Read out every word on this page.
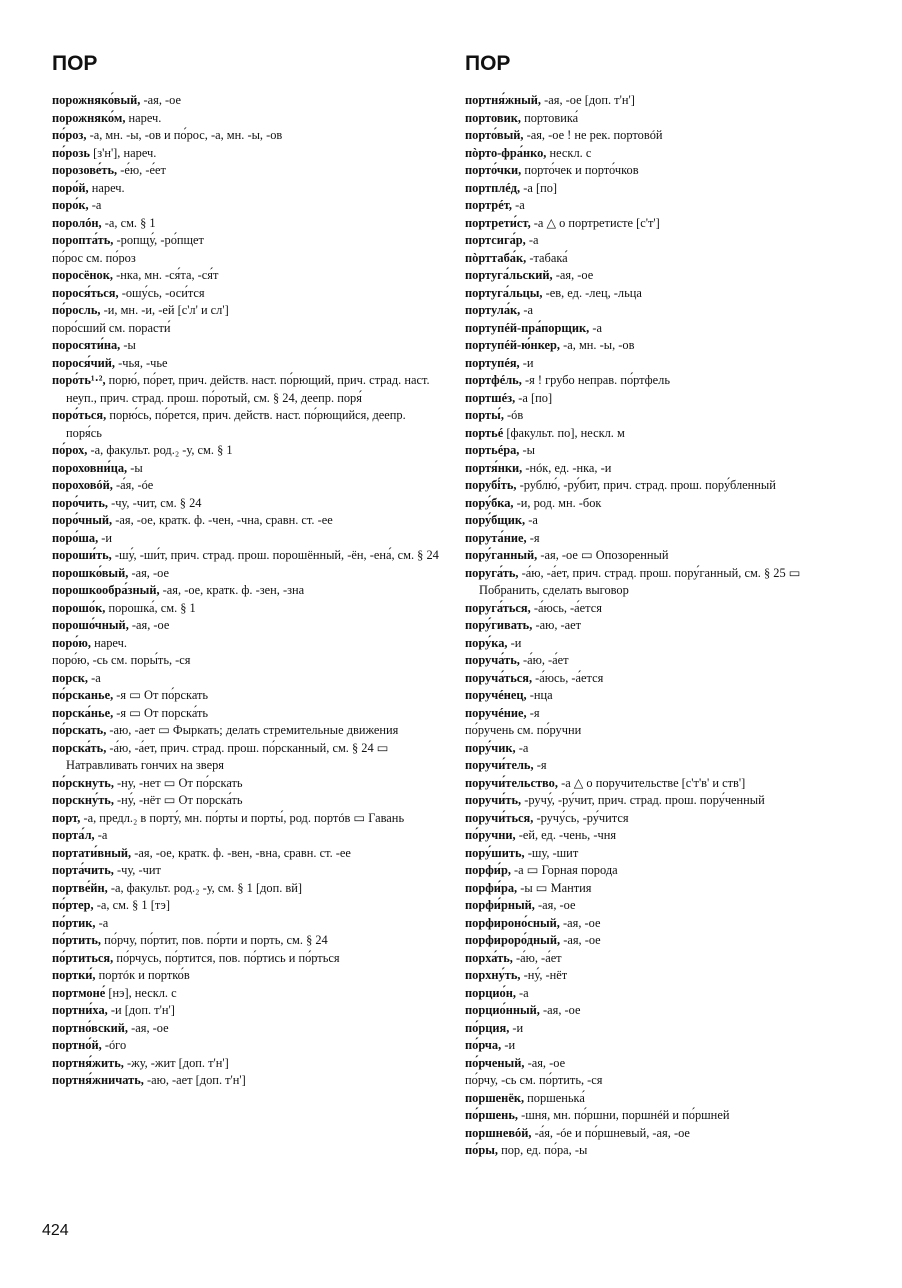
ПОР

порожняко́вый, -ая, -ое

порожняко́м, нареч.

по́роз, -а, мн. -ы, -ов и по́рос, -а, мн. -ы, -ов

по́розь [з'н'], нареч.

порозове́ть, -е́ю, -е́ет

поро́й, нареч.

поро́к, -а

поролóн, -а, см. § 1

поропта́ть, -ропщу́, -ро́пщет

по́рос см. по́роз

поросёнок, -нка, мн. -ся́та, -ся́т

порося́ться, -ошу́сь, -оси́тся

по́росль, -и, мн. -и, -ей [с'л' и сл']

поро́сший см. порасти́

поросяти́на, -ы

порося́чий, -чья, -чье

поро́ть¹·², порю́, по́рет, прич. действ. наст. по́рющий, прич. страд. наст. неуп., прич. страд. прош. по́ротый, см. § 24, деепр. поря́

поро́ться, порю́сь, по́рется, прич. действ. наст. по́рющийся, деепр. поря́сь

по́рох, -а, факульт. род.₂ -у, см. § 1

пороховни́ца, -ы

пороховóй, -а́я, -óе

поро́чить, -чу, -чит, см. § 24

поро́чный, -ая, -ое, кратк. ф. -чен, -чна, сравн. ст. -ее

поро́ша, -и

пороши́ть, -шу́, -ши́т, прич. страд. прош. порошённый, -ён, -ена́, см. § 24

порошко́вый, -ая, -ое

порошкообра́зный, -ая, -ое, кратк. ф. -зен, -зна

порошо́к, порошка́, см. § 1

порошо́чный, -ая, -ое

поро́ю, нареч.

поро́ю, -сь см. поры́ть, -ся

порск, -а

по́рсканье, -я ▭ От по́рскать

порска́нье, -я ▭ От порска́ть

по́рскать, -аю, -ает ▭ Фыркать; делать стремительные движения

порска́ть, -а́ю, -а́ет, прич. страд. прош. по́рсканный, см. § 24 ▭ Натравливать гончих на зверя

по́рскнуть, -ну, -нет ▭ От по́рскать

порскну́ть, -ну́, -нёт ▭ От порска́ть

порт, -а, предл.₂ в порту́, мн. по́рты и порты́, род. портóв ▭ Гавань

порта́л, -а

портати́вный, -ая, -ое, кратк. ф. -вен, -вна, сравн. ст. -ее

порта́чить, -чу, -чит

портве́йн, -а, факульт. род.₂ -у, см. § 1 [доп. вй]

по́ртер, -а, см. § 1 [тэ]

по́ртик, -а

по́ртить, по́рчу, по́ртит, пов. по́рти и порть, см. § 24

по́ртиться, по́рчусь, по́ртится, пов. по́ртись и по́рться

портки́, портóк и портко́в

портмоне́ [нэ], нескл. с

портни́ха, -и [доп. т'н']

портно́вский, -ая, -ое

портно́й, -óго

портня́жить, -жу, -жит [доп. т'н']

портня́жничать, -аю, -ает [доп. т'н']

ПОР

портня́жный, -ая, -ое [доп. т'н']

портовик, портовика́

порто́вый, -ая, -ое ! не рек. портовóй

пòрто-фра́нко, нескл. с

порто́чки, порто́чек и порто́чков

портплéд, -а [по]

портрéт, -а

портрети́ст, -а △ о портретисте [с'т']

портсига́р, -а

пòрттаба́к, -табака́

португа́льский, -ая, -ое

португа́льцы, -ев, ед. -лец, -льца

портула́к, -а

портупéй-пра́порщик, -а

портупéй-ю́нкер, -а, мн. -ы, -ов

портупéя, -и

портфéль, -я ! грубо неправ. по́ртфель

портшéз, -а [по]

порты́, -óв

портьé [факульт. по], нескл. м

портьéра, -ы

портя́нки, -нóк, ед. -нка, -и

порубі́ть, -рублю́, -ру́бит, прич. страд. прош. пору́бленный

пору́бка, -и, род. мн. -бок

пору́бщик, -а

порута́ние, -я

пору́ганный, -ая, -ое ▭ Опозоренный

поруга́ть, -а́ю, -а́ет, прич. страд. прош. пору́ганный, см. § 25 ▭ Побранить, сделать выговор

поруга́ться, -а́юсь, -а́ется

пору́гивать, -аю, -ает

пору́ка, -и

поруча́ть, -а́ю, -а́ет

поруча́ться, -а́юсь, -а́ется

поручéнец, -нца

поручéние, -я

по́ручень см. по́ручни

пору́чик, -а

поручи́тель, -я

поручи́тельство, -а △ о поручительстве [с'т'в' и ств']

поручи́ть, -ручу́, -ру́чит, прич. страд. прош. пору́ченный

поручи́ться, -ручу́сь, -ру́чится

по́ручни, -ей, ед. -чень, -чня

пору́шить, -шу, -шит

порфи́р, -а ▭ Горная порода

порфи́ра, -ы ▭ Мантия

порфи́рный, -ая, -ое

порфироно́сный, -ая, -ое

порфироро́дный, -ая, -ое

порха́ть, -а́ю, -а́ет

порхну́ть, -ну́, -нёт

порцио́н, -а

порцио́нный, -ая, -ое

по́рция, -и

по́рча, -и

по́рченый, -ая, -ое

по́рчу, -сь см. по́ртить, -ся

поршенёк, поршенька́

по́ршень, -шня, мн. по́ршни, поршнéй и по́ршней

поршневóй, -а́я, -óе и по́ршневый, -ая, -ое

по́ры, пор, ед. по́ра, -ы

424
